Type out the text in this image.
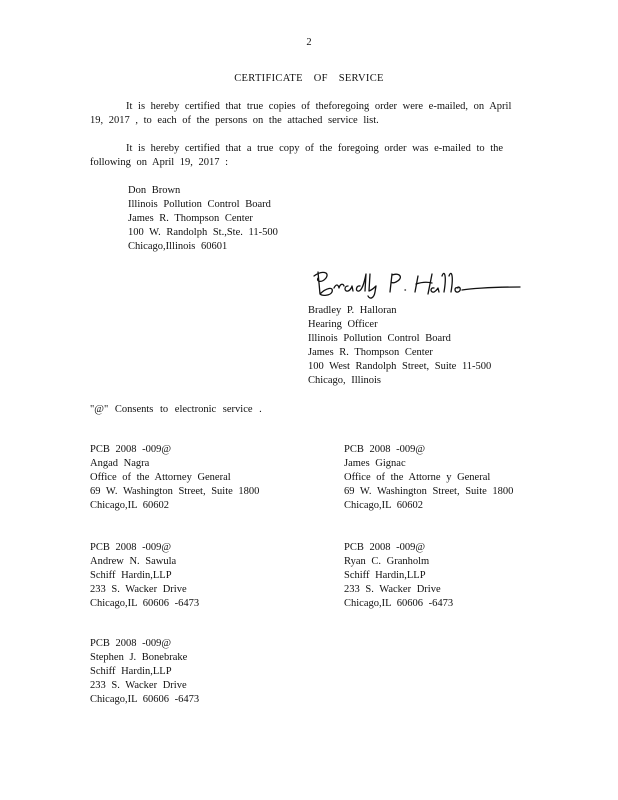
2
CERTIFICATE OF SERVICE
It is hereby certified that true copies of theforegoing order were e-mailed, on April 19, 2017 , to each of the persons on the attached service list.
It is hereby certified that a true copy of the foregoing order was e-mailed to the following on April 19, 2017 :
Don Brown
Illinois Pollution Control Board
James R. Thompson Center
100 W. Randolph St.,Ste. 11-500
Chicago,Illinois 60601
Bradley P. Halloran
Hearing Officer
Illinois Pollution Control Board
James R. Thompson Center
100 West Randolph Street, Suite 11-500
Chicago, Illinois
"@" Consents to electronic service .
PCB 2008 -009@
Angad Nagra
Office of the Attorney General
69 W. Washington Street, Suite 1800
Chicago,IL 60602
PCB 2008 -009@
James Gignac
Office of the Attorne y General
69 W. Washington Street, Suite 1800
Chicago,IL 60602
PCB 2008 -009@
Andrew N. Sawula
Schiff Hardin,LLP
233 S. Wacker Drive
Chicago,IL 60606 -6473
PCB 2008 -009@
Ryan C. Granholm
Schiff Hardin,LLP
233 S. Wacker Drive
Chicago,IL 60606 -6473
PCB 2008 -009@
Stephen J. Bonebrake
Schiff Hardin,LLP
233 S. Wacker Drive
Chicago,IL 60606 -6473
